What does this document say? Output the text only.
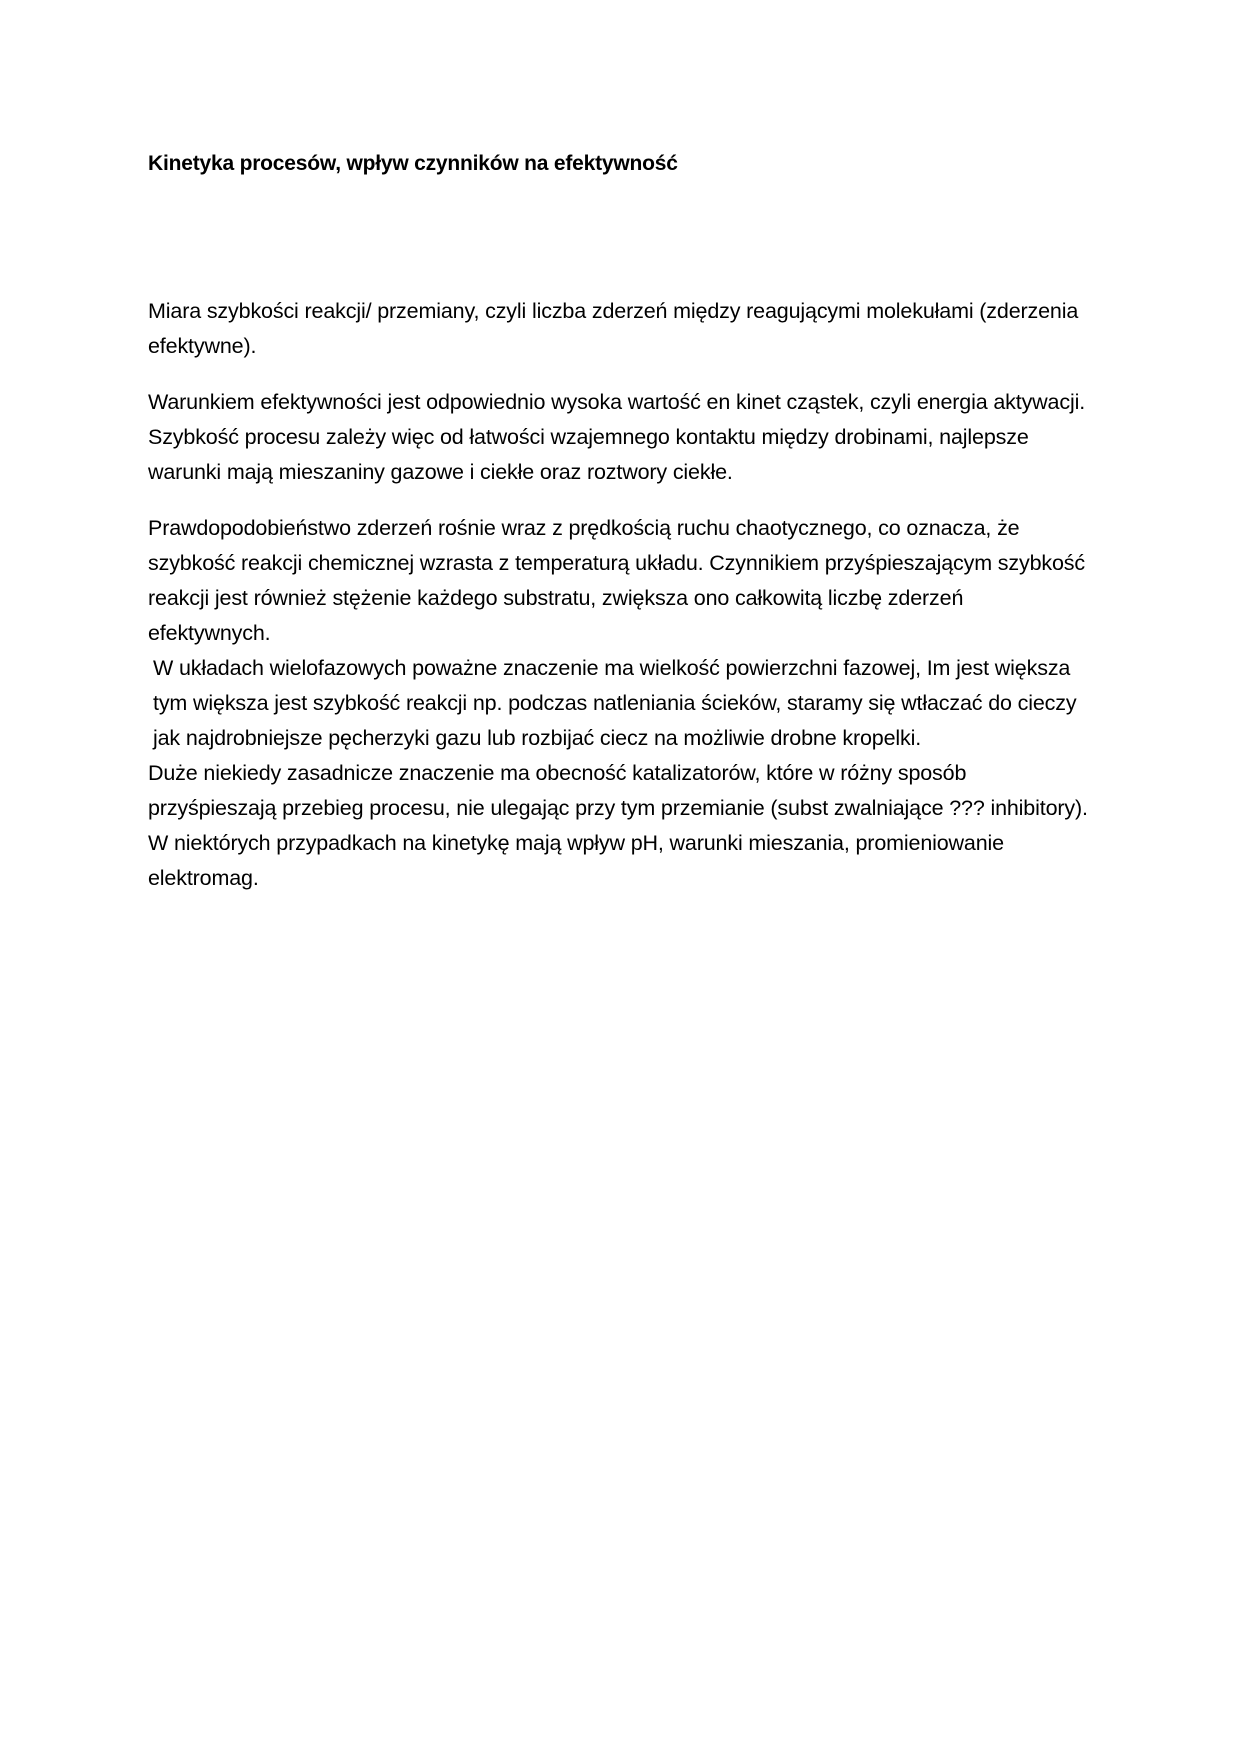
Kinetyka procesów, wpływ czynników na efektywność

Miara szybkości reakcji/ przemiany, czyli liczba zderzeń między reagującymi molekułami (zderzenia efektywne).

Warunkiem efektywności jest odpowiednio wysoka wartość en kinet cząstek, czyli energia aktywacji. Szybkość procesu zależy więc od łatwości wzajemnego kontaktu między drobinami, najlepsze warunki mają mieszaniny gazowe i ciekłe oraz roztwory ciekłe.

Prawdopodobieństwo zderzeń rośnie wraz z prędkością ruchu chaotycznego, co oznacza, że szybkość reakcji chemicznej wzrasta z temperaturą układu. Czynnikiem przyśpieszającym szybkość reakcji jest również stężenie każdego substratu, zwiększa ono całkowitą liczbę zderzeń efektywnych.

W układach wielofazowych poważne znaczenie ma wielkość powierzchni fazowej, Im jest większa tym większa jest szybkość reakcji np. podczas natleniania ścieków, staramy się wtłaczać do cieczy jak najdrobniejsze pęcherzyki gazu lub rozbijać ciecz na możliwie drobne kropelki.

Duże niekiedy zasadnicze znaczenie ma obecność katalizatorów, które w różny sposób przyśpieszają przebieg procesu, nie ulegając przy tym przemianie (subst zwalniające ??? inhibitory).

W niektórych przypadkach na kinetykę mają wpływ pH, warunki mieszania, promieniowanie elektromag.
